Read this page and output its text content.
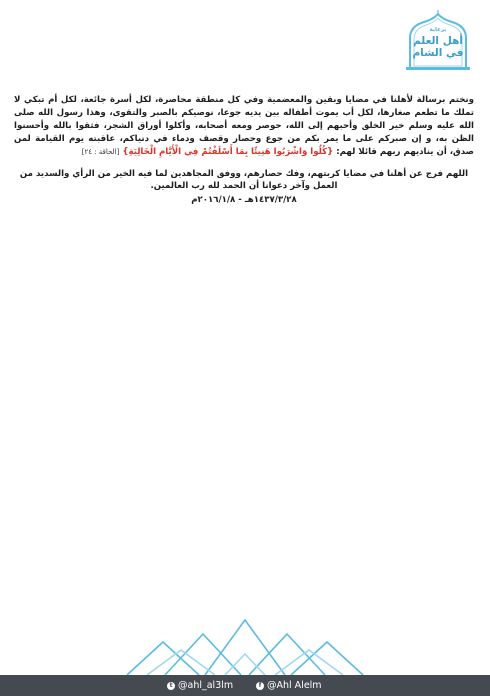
برعاية
أهل العلم
في الشام
ونختم برسالة لأهلنا في مضايا وبقين والمعضمية وفي كل منطقة محاصرة، لكل أسرة جائعة، لكل أم تبكي لا تملك ما تطعم صغارها، لكل أب يموت أطفاله بين يديه جوعا، نوصيكم بالصبر والتقوى، وهذا رسول الله صلى الله عليه وسلم خير الخلق وأحبهم إلى الله، حوصر ومعه أصحابه، وأكلوا أوراق الشجر، فثقوا بالله وأحسنوا الظن به، و إن صبركم على ما يمر بكم من جوع وحصار وقصف ودماء في دنياكم، عاقبته يوم القيامة لمن صدق، أن يناديهم ربهم قائلا لهم: {كُلُوا وَاشْرَبُوا هَنِيئًا بِمَا أَسْلَفْتُمْ فِي الْأَيَّامِ الْخَالِيَةِ} [الحاقة : ٢٤]
اللهم فرج عن أهلنا في مضايا كربتهم، وفك حصارهم، ووفق المجاهدين لما فيه الخير من الرأي والسديد من العمل وآخر دعوانا أن الحمد لله رب العالمين.
١٤٣٧/٣/٢٨هـ - ٢٠١٦/١/٨م
t @ahl_al3lm	f @Ahl Alelm
